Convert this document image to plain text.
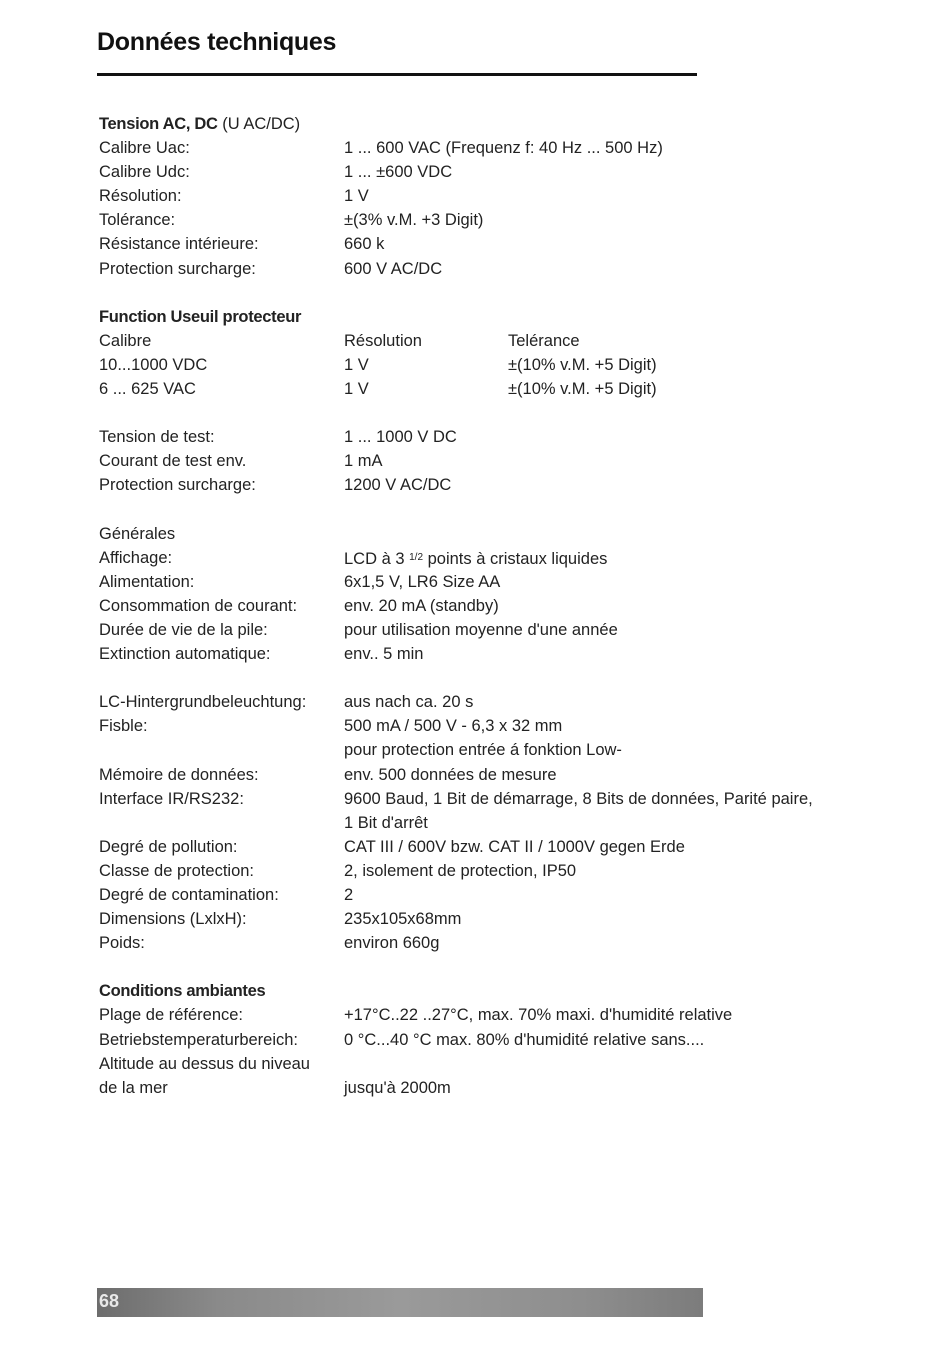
Données techniques
Tension AC, DC (U AC/DC)
Calibre Uac:	1 ... 600 VAC (Frequenz f: 40 Hz ... 500 Hz)
Calibre Udc:	1 ... ±600 VDC
Résolution:	1 V
Tolérance:	±(3% v.M. +3 Digit)
Résistance intérieure:	660 k
Protection surcharge:	600 V AC/DC
Function Useuil protecteur
Calibre	Résolution	Telérance
10...1000 VDC	1 V	±(10% v.M. +5 Digit)
6 ... 625 VAC	1 V	±(10% v.M. +5 Digit)
Tension de test:	1 ... 1000 V DC
Courant de test env.	1 mA
Protection surcharge:	1200 V AC/DC
Générales
Affichage:	LCD à 3 $^{1/2}$ points à cristaux liquides
Alimentation:	6x1,5 V, LR6 Size AA
Consommation de courant:	env. 20 mA (standby)
Durée de vie de la pile:	pour utilisation moyenne d'une année
Extinction automatique:	env.. 5 min
LC-Hintergrundbeleuchtung: aus nach ca. 20 s
Fisble:	500 mA / 500 V - 6,3 x 32 mm
pour protection entrée á fonktion Low-
Mémoire de données:	env. 500 données de mesure
Interface IR/RS232:	9600 Baud, 1 Bit de démarrage, 8 Bits de données, Parité paire,
1 Bit d'arrêt
Degré de pollution:	CAT III / 600V bzw. CAT II / 1000V gegen Erde
Classe de protection:	2, isolement de protection, IP50
Degré de contamination:	2
Dimensions (LxlxH):	235x105x68mm
Poids:	environ 660g
Conditions ambiantes
Plage de référence:	+17°C..22 ..27°C, max. 70% maxi. d'humidité relative
Betriebstemperaturbereich:	0 °C...40 °C max. 80% d'humidité relative sans....
Altitude au dessus du niveau
de la mer	jusqu'à 2000m
68
